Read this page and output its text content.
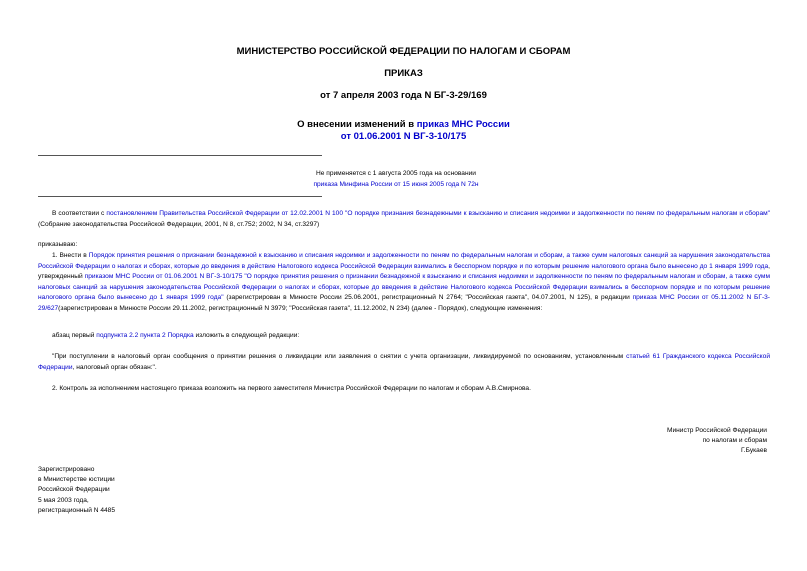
МИНИСТЕРСТВО РОССИЙСКОЙ ФЕДЕРАЦИИ ПО НАЛОГАМ И СБОРАМ
ПРИКАЗ
от 7 апреля 2003 года N БГ-3-29/169
О внесении изменений в приказ МНС России
от 01.06.2001 N ВГ-3-10/175
Не применяется с 1 августа 2005 года на основании
приказа Минфина России от 15 июня 2005 года N 72н
В соответствии с постановлением Правительства Российской Федерации от 12.02.2001 N 100 "О порядке признания безнадежными к взысканию и списания недоимки и задолженности по пеням по федеральным налогам и сборам" (Собрание законодательства Российской Федерации, 2001, N 8, ст.752; 2002, N 34, ст.3297)
приказываю:
1. Внести в Порядок принятия решения о признании безнадежной к взысканию и списания недоимки и задолженности по пеням по федеральным налогам и сборам, а также сумм налоговых санкций за нарушения законодательства Российской Федерации о налогах и сборах, которые до введения в действие Налогового кодекса Российской Федерации взимались в бесспорном порядке и по которым решение налогового органа было вынесено до 1 января 1999 года, утвержденный приказом МНС России от 01.06.2001 N ВГ-3-10/175 "О порядке принятия решения о признании безнадежной к взысканию и списания недоимки и задолженности по пеням по федеральным налогам и сборам, а также сумм налоговых санкций за нарушения законодательства Российской Федерации о налогах и сборах, которые до введения в действие Налогового кодекса Российской Федерации взимались в бесспорном порядке и по которым решение налогового органа было вынесено до 1 января 1999 года" (зарегистрирован в Минюсте России 25.06.2001, регистрационный N 2764; "Российская газета", 04.07.2001, N 125), в редакции приказа МНС России от 05.11.2002 N БГ-3-29/627(зарегистрирован в Минюсте России 29.11.2002, регистрационный N 3979; "Российская газета", 11.12.2002, N 234) (далее - Порядок), следующие изменения:
абзац первый подпункта 2.2 пункта 2 Порядка изложить в следующей редакции:
"При поступлении в налоговый орган сообщения о принятии решения о ликвидации или заявления о снятии с учета организации, ликвидируемой по основаниям, установленным статьей 61 Гражданского кодекса Российской Федерации, налоговый орган обязан:".
2. Контроль за исполнением настоящего приказа возложить на первого заместителя Министра Российской Федерации по налогам и сборам А.В.Смирнова.
Министр Российской Федерации
по налогам и сборам
Г.Букаев
Зарегистрировано
в Министерстве юстиции
Российской Федерации
5 мая 2003 года,
регистрационный N 4485
